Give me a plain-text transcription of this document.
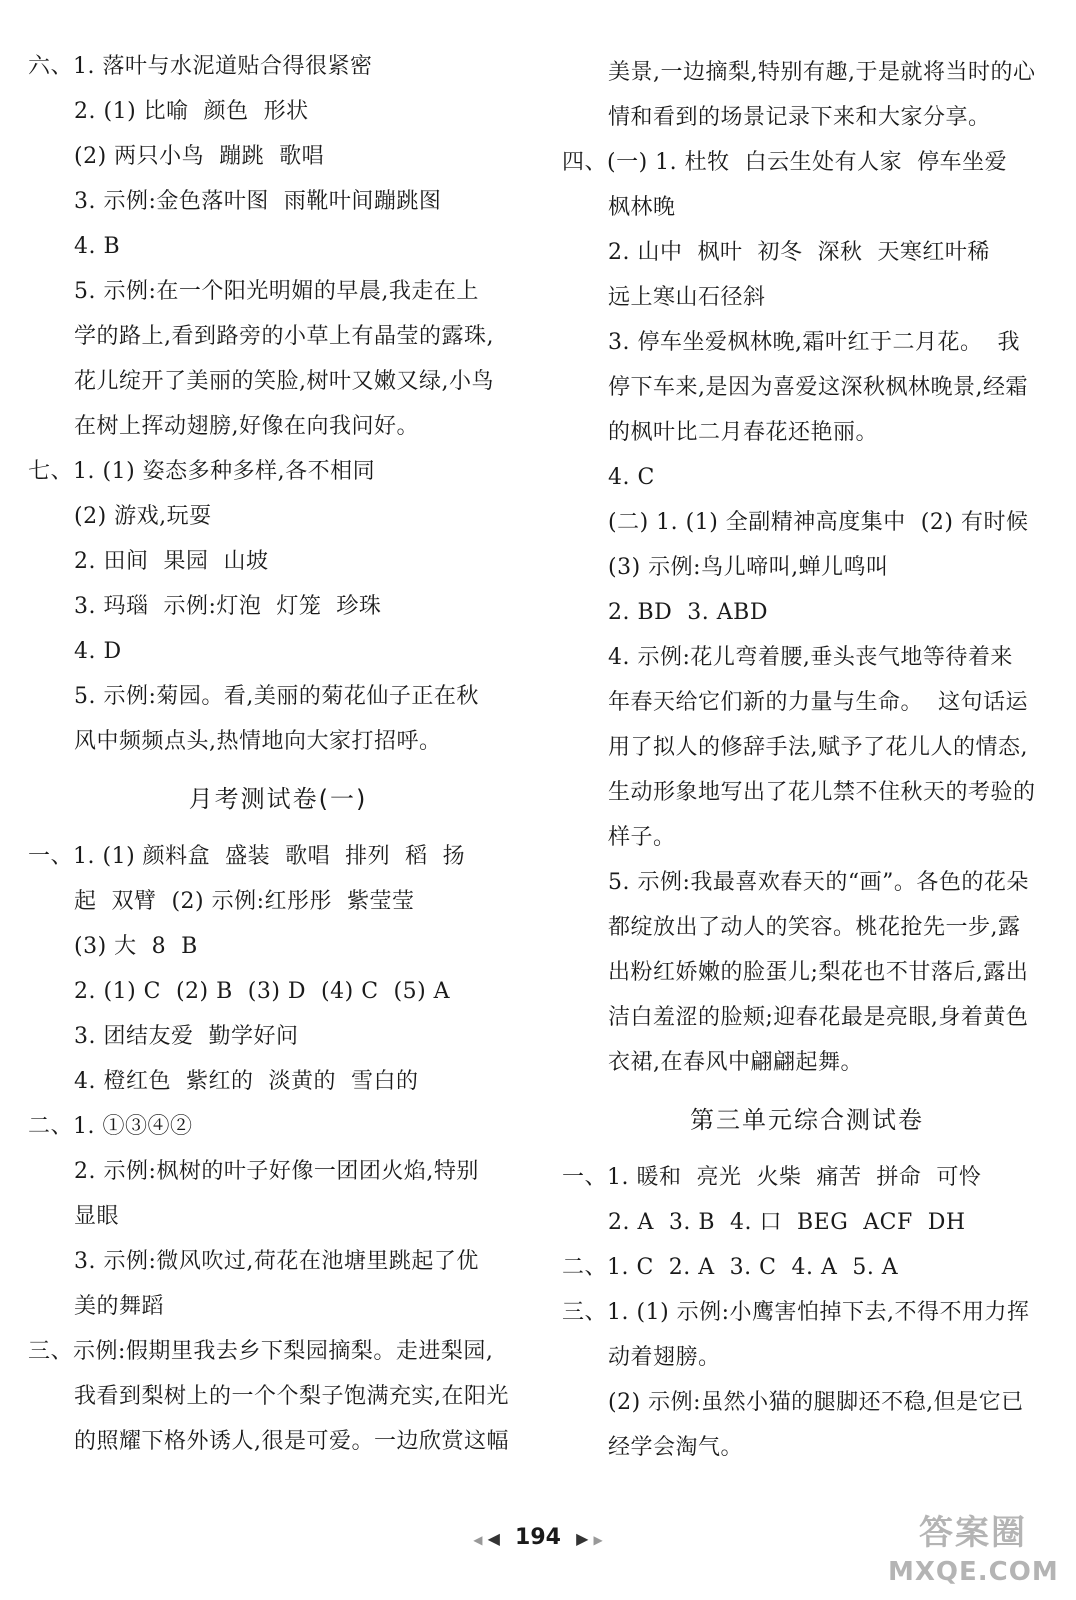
六、1. 落叶与水泥道贴合得很紧密
2. (1) 比喻  颜色  形状
(2) 两只小鸟  蹦跳  歌唱
3. 示例:金色落叶图  雨靴叶间蹦跳图
4. B
5. 示例:在一个阳光明媚的早晨,我走在上
学的路上,看到路旁的小草上有晶莹的露珠,
花儿绽开了美丽的笑脸,树叶又嫩又绿,小鸟
在树上挥动翅膀,好像在向我问好。
七、1. (1) 姿态多种多样,各不相同
(2) 游戏,玩耍
2. 田间  果园  山坡
3. 玛瑙  示例:灯泡  灯笼  珍珠
4. D
5. 示例:菊园。看,美丽的菊花仙子正在秋
风中频频点头,热情地向大家打招呼。
月考测试卷(一)
一、1. (1) 颜料盒  盛装  歌唱  排列  稻  扬
起  双臂  (2) 示例:红彤彤  紫莹莹
(3) 大  8  B
2. (1) C  (2) B  (3) D  (4) C  (5) A
3. 团结友爱  勤学好问
4. 橙红色  紫红的  淡黄的  雪白的
二、1. ①③④②
2. 示例:枫树的叶子好像一团团火焰,特别
显眼
3. 示例:微风吹过,荷花在池塘里跳起了优
美的舞蹈
三、示例:假期里我去乡下梨园摘梨。走进梨园,
我看到梨树上的一个个梨子饱满充实,在阳光
的照耀下格外诱人,很是可爱。一边欣赏这幅
美景,一边摘梨,特别有趣,于是就将当时的心
情和看到的场景记录下来和大家分享。
四、(一) 1. 杜牧  白云生处有人家  停车坐爱
枫林晚
2. 山中  枫叶  初冬  深秋  天寒红叶稀
远上寒山石径斜
3. 停车坐爱枫林晚,霜叶红于二月花。  我
停下车来,是因为喜爱这深秋枫林晚景,经霜
的枫叶比二月春花还艳丽。
4. C
(二) 1. (1) 全副精神高度集中  (2) 有时候
(3) 示例:鸟儿啼叫,蝉儿鸣叫
2. BD  3. ABD
4. 示例:花儿弯着腰,垂头丧气地等待着来
年春天给它们新的力量与生命。  这句话运
用了拟人的修辞手法,赋予了花儿人的情态,
生动形象地写出了花儿禁不住秋天的考验的
样子。
5. 示例:我最喜欢春天的“画”。各色的花朵
都绽放出了动人的笑容。桃花抢先一步,露
出粉红娇嫩的脸蛋儿;梨花也不甘落后,露出
洁白羞涩的脸颊;迎春花最是亮眼,身着黄色
衣裙,在春风中翩翩起舞。
第三单元综合测试卷
一、1. 暖和  亮光  火柴  痛苦  拼命  可怜
2. A  3. B  4. 口  BEG  ACF  DH
二、1. C  2. A  3. C  4. A  5. A
三、1. (1) 示例:小鹰害怕掉下去,不得不用力挥
动着翅膀。
(2) 示例:虽然小猫的腿脚还不稳,但是它已
经学会淘气。
◀ ◀ 194 ▶ ▶	答案圈
MXQE.COM
